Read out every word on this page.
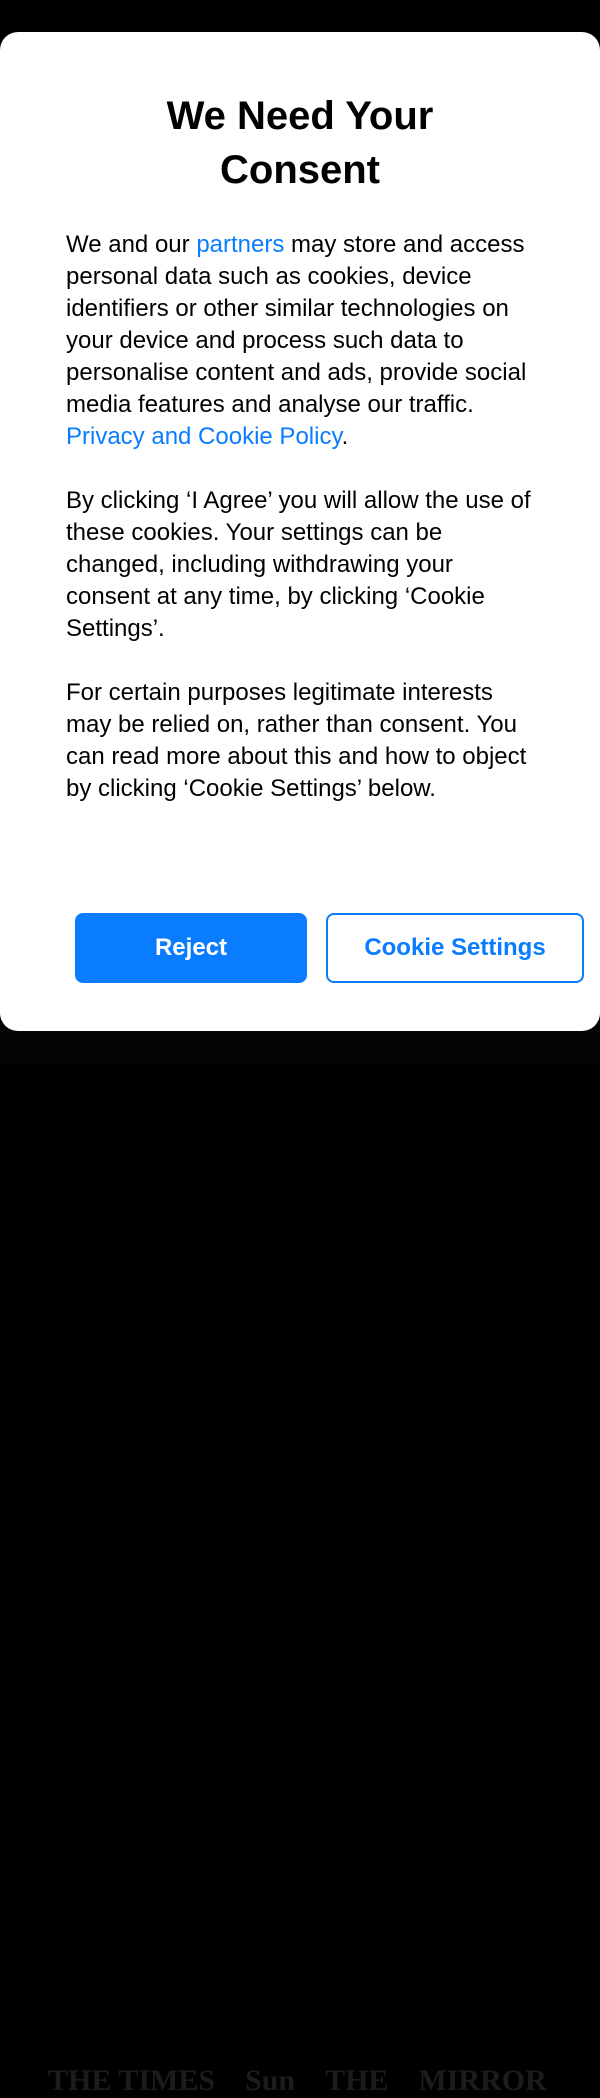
THE TIMES Sun THE MIRROR
We Need Your Consent

We and our partners may store and access personal data such as cookies, device identifiers or other similar technologies on your device and process such data to personalise content and ads, provide social media features and analyse our traffic. Privacy and Cookie Policy.

By clicking ‘I Agree’ you will allow the use of these cookies. Your settings can be changed, including withdrawing your consent at any time, by clicking ‘Cookie Settings’.

For certain purposes legitimate interests may be relied on, rather than consent. You can read more about this and how to object by clicking ‘Cookie Settings’ below.

Reject	Cookie Settings
